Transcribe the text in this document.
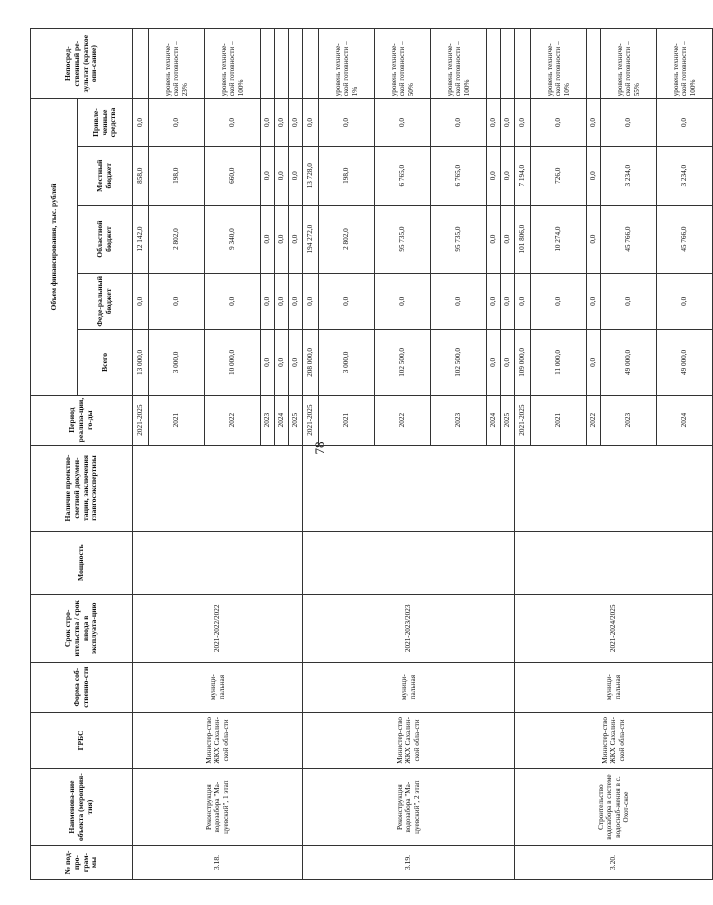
78
№ под-про-грам-мы	Наименова-ние объекта (мероприя-тия)	ГРБС	Форма соб-ственно-сти	Срок стро-ительства / срок ввода в эксплуата-цию	Мощность	Наличие проектно-сметной докумен-тации, заключения главгосэкспертизы	Период реализа-ции, го-ды	Объем финансирования, тыс. рублей					Непосред-ственный ре-зультат (краткое опи-сание)
								Всего	Феде-ральный бюджет	Областной бюджет	Местный бюджет	Привле-ченные средства	
3.18.	Реконструкция водозабора "Ма-цуевский", 1 этап	Министер-ство ЖКХ Сахалин-ской обла-сти	муници-пальная	2021-2022/2022			2021-2025	13 000,0	0,0	12 142,0	858,0	0,0	
							2021	3 000,0	0,0	2 802,0	198,0	0,0	уровень техниче-ской готовности – 23%
							2022	10 000,0	0,0	9 340,0	660,0	0,0	уровень техниче-ской готовности – 100%
							2023	0,0	0,0	0,0	0,0	0,0	
							2024	0,0	0,0	0,0	0,0	0,0	
							2025	0,0	0,0	0,0	0,0	0,0	
3.19.	Реконструкция водозабора "Ма-цуевский", 2 этап	Министер-ство ЖКХ Сахалин-ской обла-сти	муници-пальная	2021-2023/2023			2021-2025	208 000,0	0,0	194 272,0	13 728,0	0,0	
							2021	3 000,0	0,0	2 802,0	198,0	0,0	уровень техниче-ской готовности – 1%
							2022	102 500,0	0,0	95 735,0	6 765,0	0,0	уровень техниче-ской готовности – 50%
							2023	102 500,0	0,0	95 735,0	6 765,0	0,0	уровень техниче-ской готовности – 100%
							2024	0,0	0,0	0,0	0,0	0,0	
							2025	0,0	0,0	0,0	0,0	0,0	
3.20.	Строительство водозабора в системе водоснаб-жения в с. Охот-ское	Министер-ство ЖКХ Сахалин-ской обла-сти	муници-пальная	2021-2024/2025			2021-2025	109 000,0	0,0	101 806,0	7 194,0	0,0	
							2021	11 000,0	0,0	10 274,0	726,0	0,0	уровень техниче-ской готовности – 10%
							2022	0,0	0,0	0,0	0,0	0,0	
							2023	49 000,0	0,0	45 766,0	3 234,0	0,0	уровень техниче-ской готовности – 55%
							2024	49 000,0	0,0	45 766,0	3 234,0	0,0	уровень техниче-ской готовности – 100%
